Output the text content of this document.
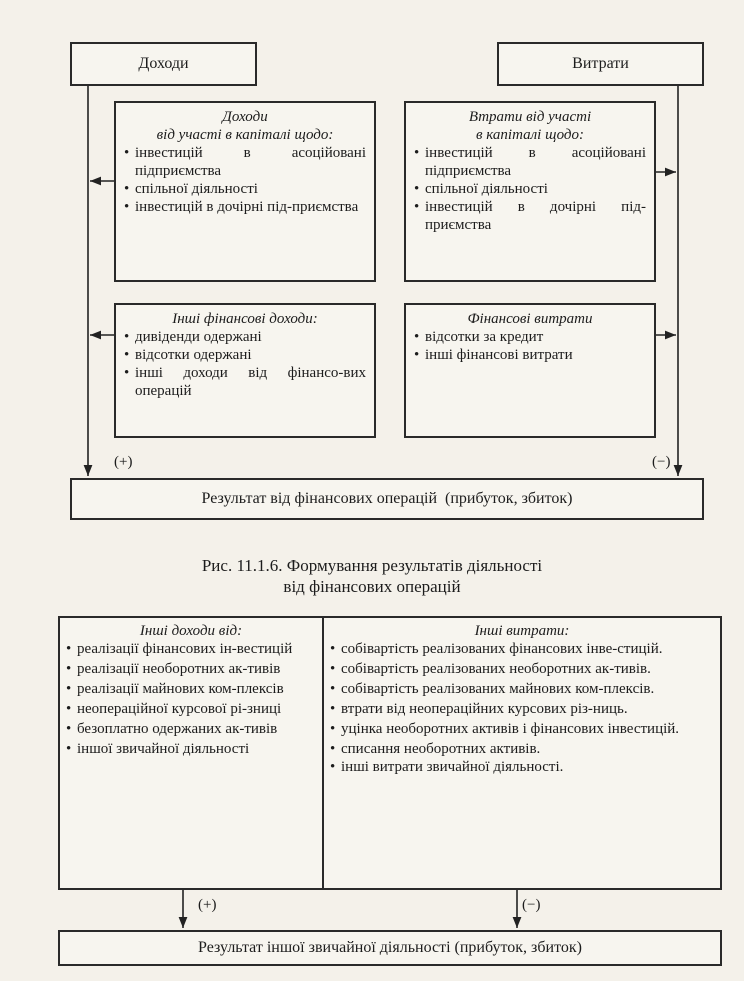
Доходи	Витрати
Доходи
від участі в капіталі щодо:
• інвестицій в асоційовані підприємства
• спільної діяльності
• інвестицій в дочірні під-приємства
Втрати від участі
в капіталі щодо:
• інвестицій в асоційовані підприємства
• спільної діяльності
• інвестицій в дочірні під-приємства
Інші фінансові доходи:
• дивіденди одержані
• відсотки одержані
• інші доходи від фінансо-вих операцій
Фінансові витрати
• відсотки за кредит
• інші фінансові витрати
(+)	(−)
Результат від фінансових операцій  (прибуток, збиток)
Рис. 11.1.6. Формування результатів діяльності
від фінансових операцій
Інші доходи від:
• реалізації фінансових ін-вестицій
• реалізації необоротних ак-тивів
• реалізації майнових ком-плексів
• неопераційної курсової рі-зниці
• безоплатно одержаних ак-тивів
• іншої звичайної діяльності
Інші витрати:
• собівартість реалізованих фінансових інве-стицій.
• собівартість реалізованих необоротних ак-тивів.
• собівартість реалізованих майнових ком-плексів.
• втрати від неопераційних курсових різ-ниць.
• уцінка необоротних активів і фінансових інвестицій.
• списання необоротних активів.
• інші витрати звичайної діяльності.
(+)	(−)
Результат іншої звичайної діяльності (прибуток, збиток)
